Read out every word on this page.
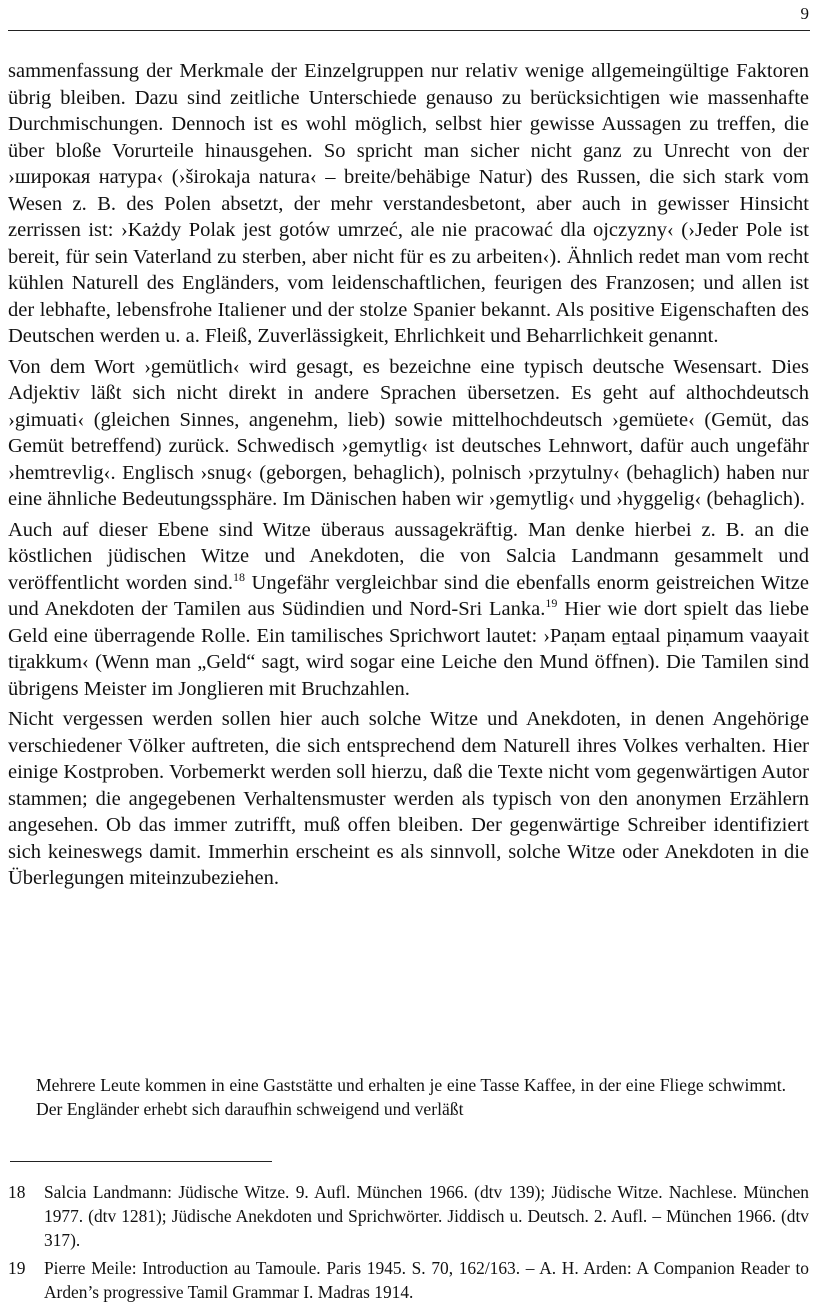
9

sammenfassung der Merkmale der Einzelgruppen nur relativ wenige allgemeingültige Faktoren übrig bleiben. Dazu sind zeitliche Unterschiede genauso zu berücksichtigen wie massenhafte Durchmischungen. Dennoch ist es wohl möglich, selbst hier gewisse Aussagen zu treffen, die über bloße Vorurteile hinausgehen. So spricht man sicher nicht ganz zu Unrecht von der ›широкая натура‹ (›širokaja natura‹ – breite/behäbige Natur) des Russen, die sich stark vom Wesen z. B. des Polen absetzt, der mehr verstandesbetont, aber auch in gewisser Hinsicht zerrissen ist: ›Każdy Polak jest gotów umrzeć, ale nie pracować dla ojczyzny‹ (›Jeder Pole ist bereit, für sein Vaterland zu sterben, aber nicht für es zu arbeiten‹). Ähnlich redet man vom recht kühlen Naturell des Engländers, vom leidenschaftlichen, feurigen des Franzosen; und allen ist der lebhafte, lebensfrohe Italiener und der stolze Spanier bekannt. Als positive Eigenschaften des Deutschen werden u. a. Fleiß, Zuverlässigkeit, Ehrlichkeit und Beharrlichkeit genannt.

Von dem Wort ›gemütlich‹ wird gesagt, es bezeichne eine typisch deutsche Wesensart. Dies Adjektiv läßt sich nicht direkt in andere Sprachen übersetzen. Es geht auf althochdeutsch ›gimuati‹ (gleichen Sinnes, angenehm, lieb) sowie mittelhochdeutsch ›gemüete‹ (Gemüt, das Gemüt betreffend) zurück. Schwedisch ›gemytlig‹ ist deutsches Lehnwort, dafür auch ungefähr ›hemtrevlig‹. Englisch ›snug‹ (geborgen, behaglich), polnisch ›przytulny‹ (behaglich) haben nur eine ähnliche Bedeutungssphäre. Im Dänischen haben wir ›gemytlig‹ und ›hyggelig‹ (behaglich).

Auch auf dieser Ebene sind Witze überaus aussagekräftig. Man denke hierbei z. B. an die köstlichen jüdischen Witze und Anekdoten, die von Salcia Landmann gesammelt und veröffentlicht worden sind.$^{18}$ Ungefähr vergleichbar sind die ebenfalls enorm geistreichen Witze und Anekdoten der Tamilen aus Südindien und Nord-Sri Lanka.$^{19}$ Hier wie dort spielt das liebe Geld eine überragende Rolle. Ein tamilisches Sprichwort lautet: ›Paṇam eṉtaal piṇamum vaayait tiṟakkum‹ (Wenn man „Geld“ sagt, wird sogar eine Leiche den Mund öffnen). Die Tamilen sind übrigens Meister im Jonglieren mit Bruchzahlen.

Nicht vergessen werden sollen hier auch solche Witze und Anekdoten, in denen Angehörige verschiedener Völker auftreten, die sich entsprechend dem Naturell ihres Volkes verhalten. Hier einige Kostproben. Vorbemerkt werden soll hierzu, daß die Texte nicht vom gegenwärtigen Autor stammen; die angegebenen Verhaltensmuster werden als typisch von den anonymen Erzählern angesehen. Ob das immer zutrifft, muß offen bleiben. Der gegenwärtige Schreiber identifiziert sich keineswegs damit. Immerhin erscheint es als sinnvoll, solche Witze oder Anekdoten in die Überlegungen miteinzubeziehen.

Mehrere Leute kommen in eine Gaststätte und erhalten je eine Tasse Kaffee, in der eine Fliege schwimmt. Der Engländer erhebt sich daraufhin schweigend und verläßt

18	Salcia Landmann: Jüdische Witze. 9. Aufl. München 1966. (dtv 139); Jüdische Witze. Nachlese. München 1977. (dtv 1281); Jüdische Anekdoten und Sprichwörter. Jiddisch u. Deutsch. 2. Aufl. – München 1966. (dtv 317).
19	Pierre Meile: Introduction au Tamoule. Paris 1945. S. 70, 162/163. – A. H. Arden: A Companion Reader to Arden’s progressive Tamil Grammar I. Madras 1914.
